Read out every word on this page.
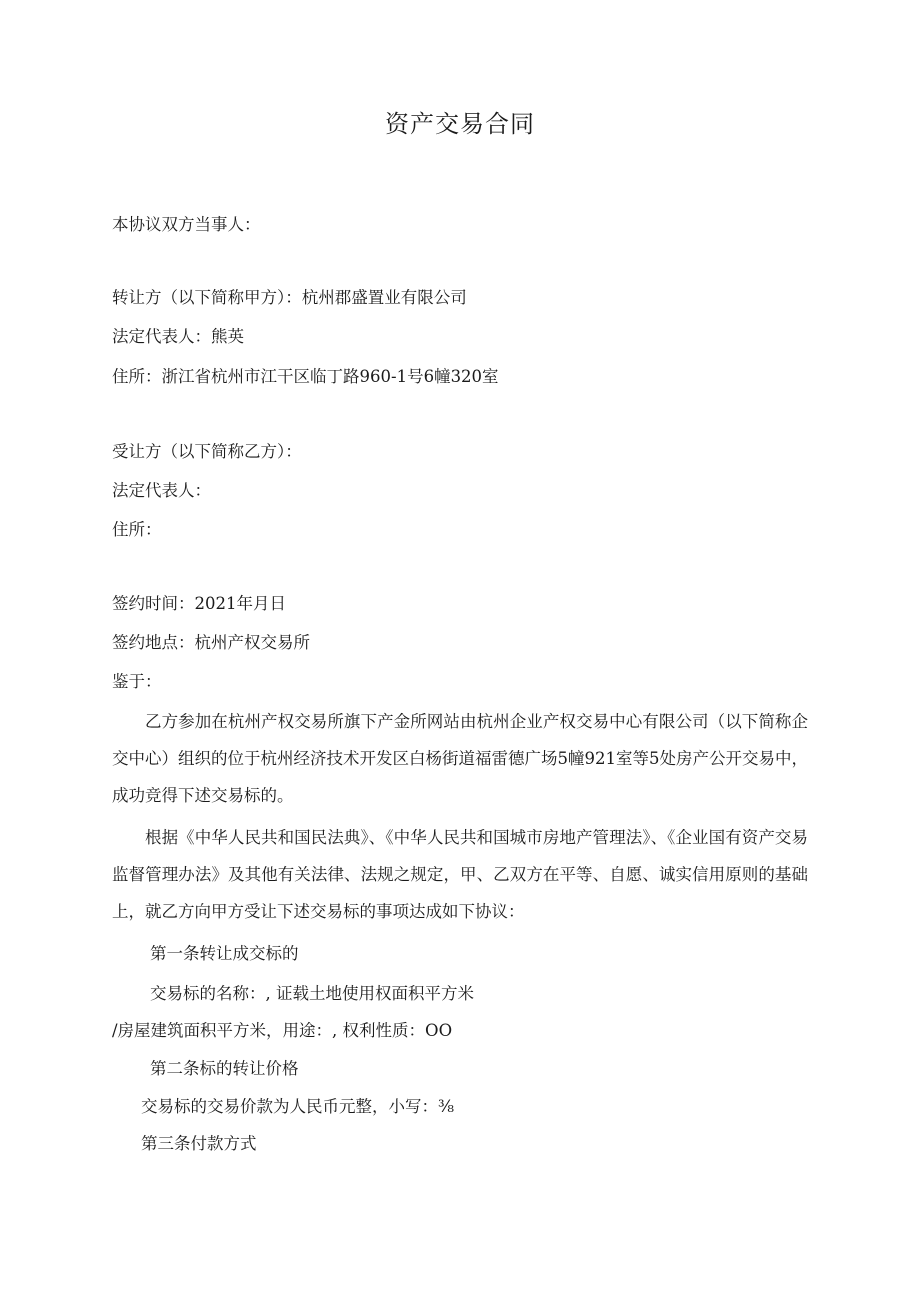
资产交易合同
本协议双方当事人：
转让方（以下简称甲方）：杭州郡盛置业有限公司
法定代表人：熊英
住所：浙江省杭州市江干区临丁路960-1号6幢320室
受让方（以下简称乙方）：
法定代表人：
住所：
签约时间：2021年月日
签约地点：杭州产权交易所
鉴于：
乙方参加在杭州产权交易所旗下产金所网站由杭州企业产权交易中心有限公司（以下简称企交中心）组织的位于杭州经济技术开发区白杨街道福雷德广场5幢921室等5处房产公开交易中，成功竞得下述交易标的。
根据《中华人民共和国民法典》、《中华人民共和国城市房地产管理法》、《企业国有资产交易监督管理办法》及其他有关法律、法规之规定，甲、乙双方在平等、自愿、诚实信用原则的基础上，就乙方向甲方受让下述交易标的事项达成如下协议：
第一条转让成交标的
交易标的名称：, 证载土地使用权面积平方米
/房屋建筑面积平方米，用途：, 权利性质：OO
第二条标的转让价格
交易标的交易价款为人民币元整，小写：⅜
第三条付款方式
